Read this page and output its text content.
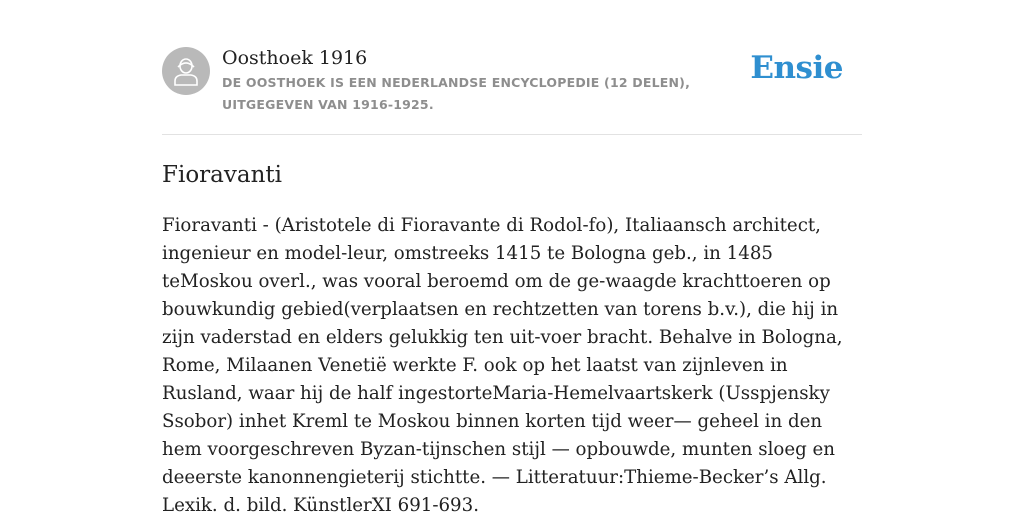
Oosthoek 1916
DE OOSTHOEK IS EEN NEDERLANDSE ENCYCLOPEDIE (12 DELEN), UITGEGEVEN VAN 1916-1925.
Ensie
Fioravanti
Fioravanti - (Aristotele di Fioravante di Rodol-fo), Italiaansch architect, ingenieur en model-leur, omstreeks 1415 te Bologna geb., in 1485 teMoskou overl., was vooral beroemd om de ge-waagde krachttoeren op bouwkundig gebied(verplaatsen en rechtzetten van torens b.v.), die hij in zijn vaderstad en elders gelukkig ten uit-voer bracht. Behalve in Bologna, Rome, Milaanen Venetië werkte F. ook op het laatst van zijnleven in Rusland, waar hij de half ingestorteMaria-Hemelvaartskerk (Usspjensky Ssobor) inhet Kreml te Moskou binnen korten tijd weer— geheel in den hem voorgeschreven Byzan-tijnschen stijl — opbouwde, munten sloeg en deeerste kanonnengieterij stichtte. — Litteratuur:Thieme-Becker’s Allg. Lexik. d. bild. KünstlerXI 691-693.
